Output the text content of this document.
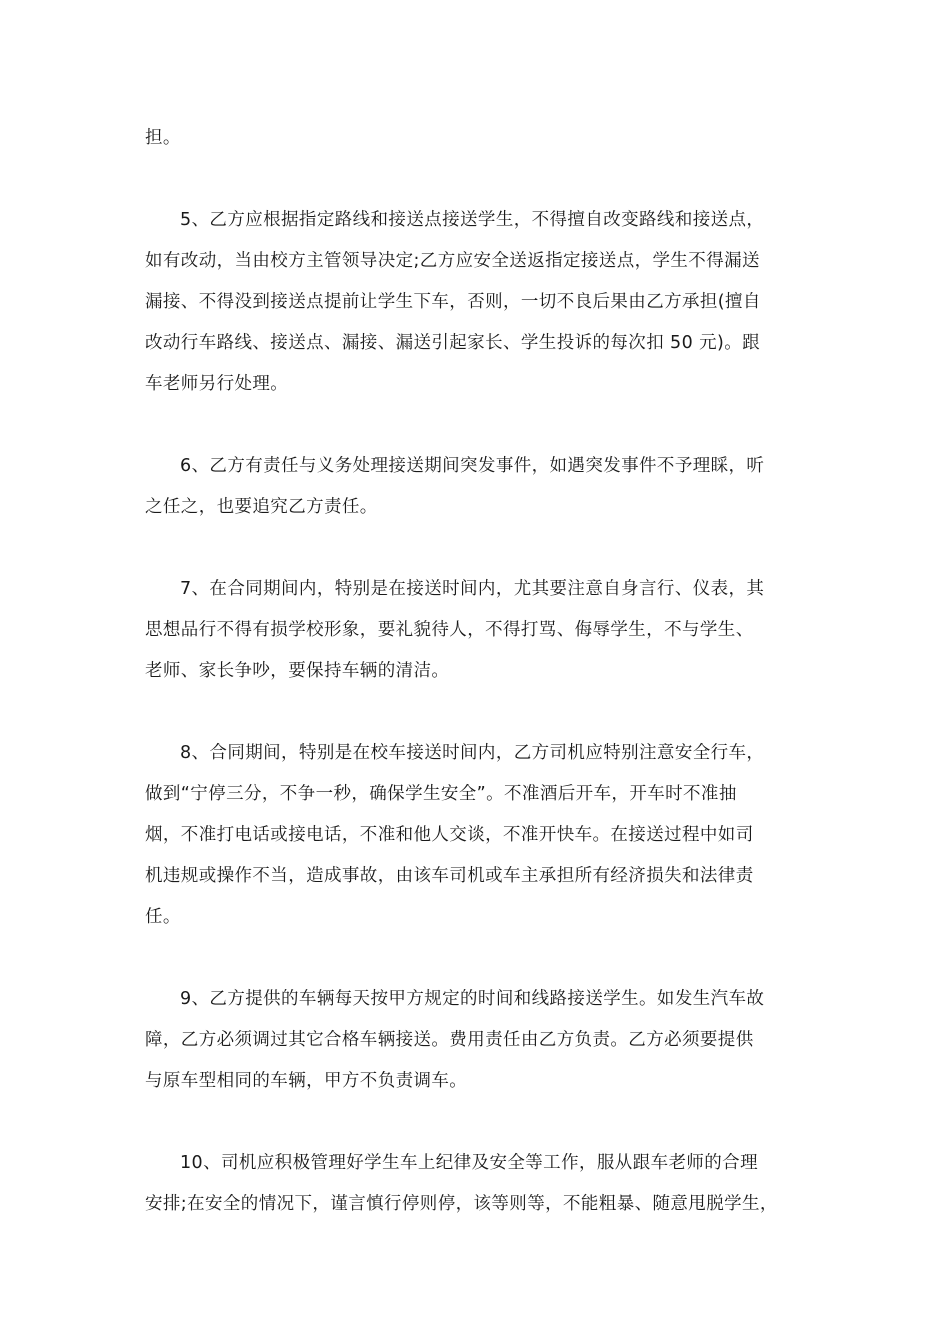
担。
5、乙方应根据指定路线和接送点接送学生，不得擅自改变路线和接送点，
如有改动，当由校方主管领导决定;乙方应安全送返指定接送点，学生不得漏送
漏接、不得没到接送点提前让学生下车，否则，一切不良后果由乙方承担(擅自
改动行车路线、接送点、漏接、漏送引起家长、学生投诉的每次扣 50 元)。跟
车老师另行处理。
6、乙方有责任与义务处理接送期间突发事件，如遇突发事件不予理睬，听
之任之，也要追究乙方责任。
7、在合同期间内，特别是在接送时间内，尤其要注意自身言行、仪表，其
思想品行不得有损学校形象，要礼貌待人，不得打骂、侮辱学生，不与学生、
老师、家长争吵，要保持车辆的清洁。
8、合同期间，特别是在校车接送时间内，乙方司机应特别注意安全行车，
做到“宁停三分，不争一秒，确保学生安全”。不准酒后开车，开车时不准抽
烟，不准打电话或接电话，不准和他人交谈，不准开快车。在接送过程中如司
机违规或操作不当，造成事故，由该车司机或车主承担所有经济损失和法律责
任。
9、乙方提供的车辆每天按甲方规定的时间和线路接送学生。如发生汽车故
障，乙方必须调过其它合格车辆接送。费用责任由乙方负责。乙方必须要提供
与原车型相同的车辆，甲方不负责调车。
10、司机应积极管理好学生车上纪律及安全等工作，服从跟车老师的合理
安排;在安全的情况下，谨言慎行停则停，该等则等，不能粗暴、随意甩脱学生，
